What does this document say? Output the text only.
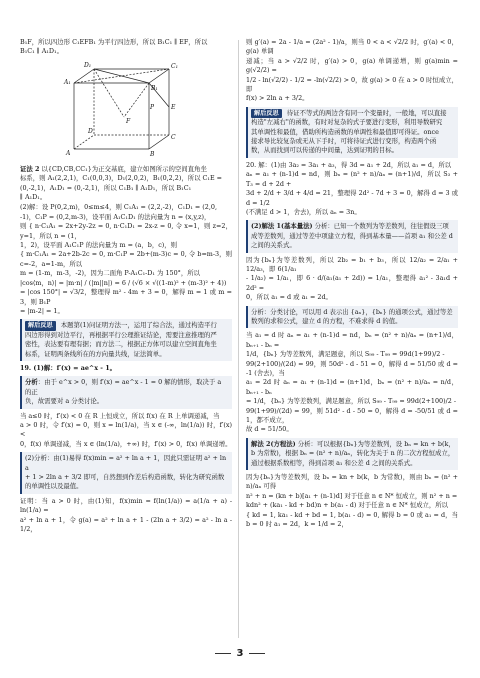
B₁F，所以四边形 C₁EFB₁ 为平行四边形，所以 B₁C₁ ∥ EF，所以
B₁C₁ ∥ A₁D₁。

D₁	C₁
A₁
B₁
E
D
C
A	B
F
P

证法 2 以{CD,CB,CC₁}为正交基底，建立如图所示的空间直角坐
标系，则 A₁(2,2,1)，C₁(0,0,3)，D₁(2,0,2)，B₁(0,2,2)，所以 C₁E =
(0,-2,1)，A₁D₁ = (0,-2,1)，所以 C₁B₁ ∥ A₁D₁，所以 B₁C₁
∥ A₁D₁。

(2)解：设 P(0,2,m)，0≤m≤4，则 C₁A₁ = (2,2,-2)，C₁D₁ = (2,0,
-1)，C₁P = (0,2,m-3)，设平面 A₁C₁D₁ 的法向量为 n = (x,y,z)，
则 { n·C₁A₁ = 2x+2y-2z = 0, n·C₁D₁ = 2x-z = 0, 令 x=1，则 z=2，y=1，所以 n = (1，
1，2)，设平面 A₁C₁P 的法向量为 m = (a，b，c)，则
{ m·C₁A₁ = 2a+2b-2c = 0, m·C₁P = 2b+(m-3)c = 0, 令 b=m-3，则 c=-2，a=1-m，所以
m = (1-m，m-3，-2)，因为二面角 P-A₁C₁-D₁ 为 150°，所以
|cos⟨m，n⟩| = |m·n| / (|m||n|) = 6 / (√6 × √((1-m)² + (m-3)² + 4))
= |cos 150°| = √3/2，整理得 m² - 4m + 3 = 0，解得 m = 1 或 m = 3，则 B₁P
= |m-2| = 1。

解后反思 本题第(1)问证明方法一，运用了综合法，通过构造平行
四边形得到对边平行，再根据平行公理推证结论，需要注意推理的严
密性，表达要有理有据；而方法二，根据正方体可以建立空间直角坐
标系，证明两条线所在的方向量共线，证法简单。

19. (1)解：f′(x) = ae^x - 1。

分析：由于 e^x > 0，则 f′(x) = ae^x - 1 = 0 解的情形，取决于 a 的正
负，故需要对 a 分类讨论。

当 a≤0 时，f′(x) < 0 在 R 上恒成立，所以 f(x) 在 R 上单调递减，当
a > 0 时，令 f′(x) = 0，则 x = ln(1/a)，当 x ∈ (-∞，ln(1/a)) 时，f′(x) <
0，f(x) 单调递减，当 x ∈ (ln(1/a)，+∞) 时，f′(x) > 0，f(x) 单调递增。

(2)分析：由(1)易得 f(x)min = a² + ln a + 1，因此只需证明 a² + ln a
+ 1 > 2ln a + 3/2 即可，自然想到作差后构造函数，转化为研究函数
的单调性以及最值。

证明：当 a > 0 时，由(1)知，f(x)min = f(ln(1/a)) = a(1/a + a) - ln(1/a) =
a² + ln a + 1，令 g(a) = a² + ln a + 1 - (2ln a + 3/2) = a² - ln a - 1/2，

则 g′(a) = 2a - 1/a = (2a² - 1)/a，则当 0 < a < √2/2 时，g′(a) < 0，g(a) 单调
递减；当 a > √2/2 时，g′(a) > 0，g(a) 单调递增，则 g(a)min = g(√2/2) =
1/2 - ln(√2/2) - 1/2 = -ln(√2/2) > 0，故 g(a) > 0 在 a > 0 时恒成立，即
f(x) > 2ln a + 3/2。

解后反思 待证不等式的两边含有同一个变量时，一般地，可以直接
构造"左减右"的函数，有时对复杂的式子要进行变形，利用导数研究
其单调性和最值，借助所构造函数的单调性和最值即可得证。once
接求导比较复杂或无从下手时，可将待证式进行变形，构造两个函
数，从而找到可以传递的中间量，达到证明的目标。

20. 解：(1)由 3a₂ = 3a₁ + a₃，得 3d = a₁ + 2d，所以 a₁ = d，所以
aₙ = a₁ + (n-1)d = nd，则 bₙ = (n² + n)/aₙ = (n+1)/d，所以 S₃ + T₃ = d + 2d +
3d + 2/d + 3/d + 4/d = 21，整理得 2d² - 7d + 3 = 0，解得 d = 3 或 d = 1/2
(不满足 d > 1，舍去)，所以 aₙ = 3n。

(2)解法 1(基本量法) 分析：已知一个数列为等差数列，往往假设三项成等差数列，通过等差中项建立方程，得到基本量——首项 a₁ 和公差 d 之间的关系式。

因为{bₙ}为等差数列，所以 2b₂ = b₁ + b₃，所以 12/a₂ = 2/a₁ + 12/a₃，即 6(1/a₁
- 1/a₂) = 1/a₁，即 6 · d/(a₁(a₁ + 2d)) = 1/a₁，整理得 a₁² - 3a₁d + 2d² =
0，所以 a₁ = d 或 a₁ = 2d。

分析：分类讨论，可以用 d 表示出 {aₙ}，{bₙ} 的通项公式，通过等差数列的求和公式，建立 d 的方程，不难求得 d 的值。

当 a₁ = d 时 aₙ = a₁ + (n-1)d = nd，bₙ = (n² + n)/aₙ = (n+1)/d，bₙ₊₁ - bₙ =
1/d，{bₙ} 为等差数列，满足题意，所以 S₉₉ - T₉₉ = 99d(1+99)/2 -
99(2+100)/(2d) = 99，则 50d² - d - 51 = 0，解得 d = 51/50 或 d = -1 (舍去)，当
a₁ = 2d 时 aₙ = a₁ + (n-1)d = (n+1)d，bₙ = (n² + n)/aₙ = n/d，bₙ₊₁ - bₙ
= 1/d，{bₙ} 为等差数列，满足题意，所以 S₉₉ - T₉₉ = 99d(2+100)/2 -
99(1+99)/(2d) = 99，则 51d² - d - 50 = 0，解得 d = -50/51 或 d = 1，都不成立，
故 d = 51/50。

解法 2(方程法) 分析：可以根据{bₙ}为等差数列，设 bₙ = kn + b(k，b 为常数)，根据 bₙ = (n² + n)/aₙ，转化为关于 n 的二次方程恒成立，通过根据系数相等，得到首项 a₁ 和公差 d 之间的关系式。

因为{bₙ}为等差数列，设 bₙ = kn + b(k，b 为常数)，则由 bₙ = (n² + n)/aₙ 可得
n² + n = (kn + b)[a₁ + (n-1)d] 对于任意 n ∈ N* 恒成立，则 n² + n =
kdn² + (ka₁ - kd + bd)n + b(a₁ - d) 对于任意 n ∈ N* 恒成立，所以
{ kd = 1, ka₁ - kd + bd = 1, b(a₁ - d) = 0, 解得 b = 0 或 a₁ = d，当 b = 0 时 a₁ = 2d，k = 1/d = 2，

3
